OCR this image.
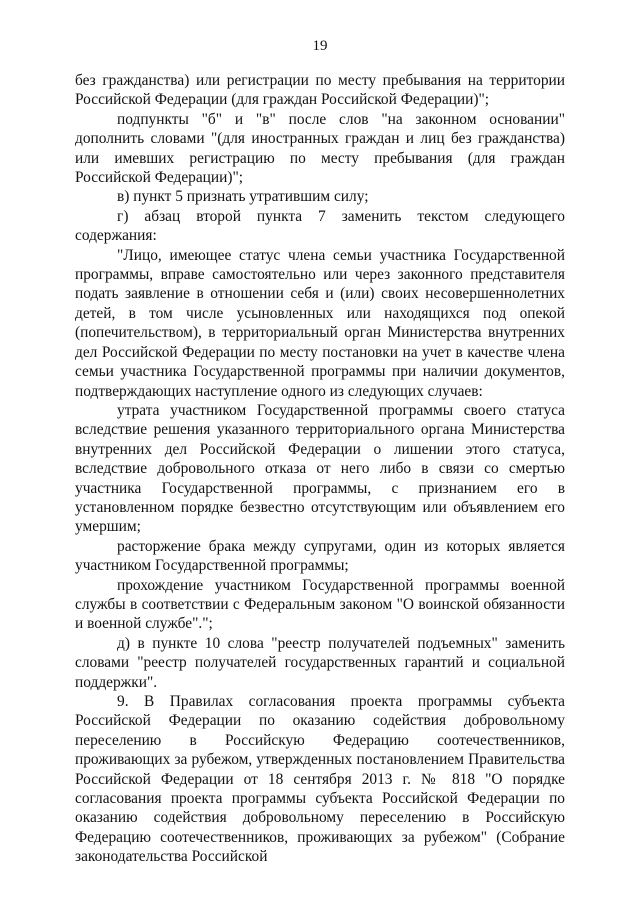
19

без гражданства) или регистрации по месту пребывания на территории Российской Федерации (для граждан Российской Федерации)";

подпункты "б" и "в" после слов "на законном основании" дополнить словами "(для иностранных граждан и лиц без гражданства) или имевших регистрацию по месту пребывания (для граждан Российской Федерации)";

в) пункт 5 признать утратившим силу;

г) абзац второй пункта 7 заменить текстом следующего содержания:

"Лицо, имеющее статус члена семьи участника Государственной программы, вправе самостоятельно или через законного представителя подать заявление в отношении себя и (или) своих несовершеннолетних детей, в том числе усыновленных или находящихся под опекой (попечительством), в территориальный орган Министерства внутренних дел Российской Федерации по месту постановки на учет в качестве члена семьи участника Государственной программы при наличии документов, подтверждающих наступление одного из следующих случаев:

утрата участником Государственной программы своего статуса вследствие решения указанного территориального органа Министерства внутренних дел Российской Федерации о лишении этого статуса, вследствие добровольного отказа от него либо в связи со смертью участника Государственной программы, с признанием его в установленном порядке безвестно отсутствующим или объявлением его умершим;

расторжение брака между супругами, один из которых является участником Государственной программы;

прохождение участником Государственной программы военной службы в соответствии с Федеральным законом "О воинской обязанности и военной службе".";

д) в пункте 10 слова "реестр получателей подъемных" заменить словами "реестр получателей государственных гарантий и социальной поддержки".

9. В Правилах согласования проекта программы субъекта Российской Федерации по оказанию содействия добровольному переселению в Российскую Федерацию соотечественников, проживающих за рубежом, утвержденных постановлением Правительства Российской Федерации от 18 сентября 2013 г. № 818 "О порядке согласования проекта программы субъекта Российской Федерации по оказанию содействия добровольному переселению в Российскую Федерацию соотечественников, проживающих за рубежом" (Собрание законодательства Российской
